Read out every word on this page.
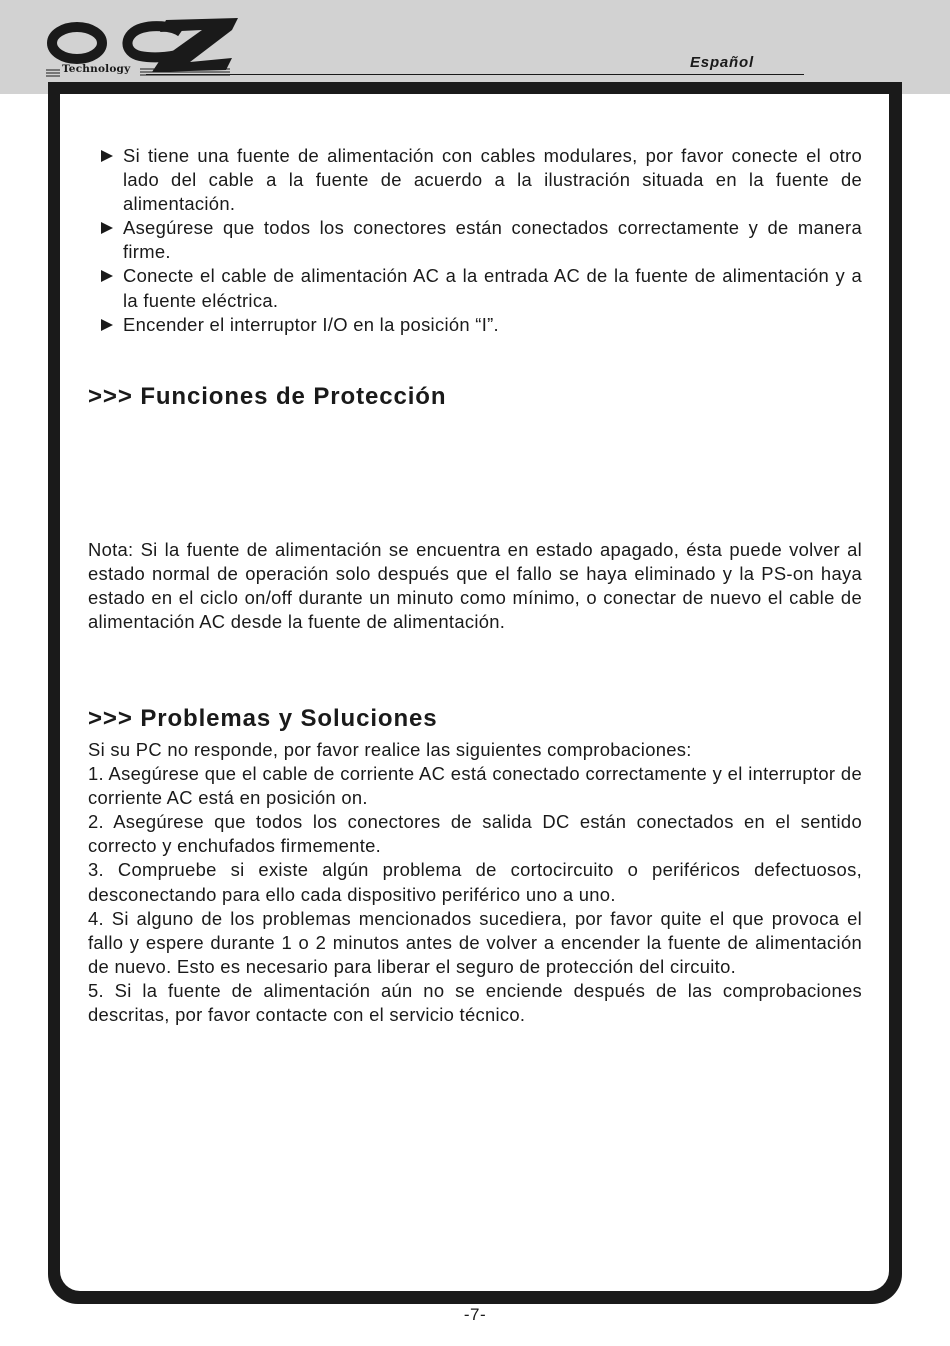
Technology	Español
Si tiene una fuente de alimentación con cables modulares, por favor conecte el otro lado del cable a la fuente de acuerdo a la ilustración situada en la fuente de alimentación.
Asegúrese que todos los conectores están conectados correctamente y de manera firme.
Conecte el cable de alimentación AC a la entrada AC de la fuente de alimentación y a la fuente eléctrica.
Encender el interruptor I/O en la posición “I”.
>>> Funciones de Protección

Nota: Si la fuente de alimentación se encuentra en estado apagado, ésta puede volver al estado normal de operación solo después que el fallo se haya eliminado y la PS-on haya estado en el ciclo on/off durante un minuto como mínimo, o conectar de nuevo el cable de alimentación AC desde la fuente de alimentación.

>>> Problemas y Soluciones

Si su PC no responde, por favor realice las siguientes comprobaciones:

1. Asegúrese que el cable de corriente AC está conectado correctamente y el interruptor de corriente AC está en posición on.

2. Asegúrese que todos los conectores de salida DC están conectados en el sentido correcto y enchufados firmemente.

3. Compruebe si existe algún problema de cortocircuito o periféricos defectuosos, desconectando para ello cada dispositivo periférico uno a uno.

4. Si alguno de los problemas mencionados sucediera, por favor quite el que provoca el fallo y espere durante 1 o 2 minutos antes de volver a encender la fuente de alimentación de nuevo. Esto es necesario para liberar el seguro de protección del circuito.

5. Si la fuente de alimentación aún no se enciende después de las comprobaciones descritas, por favor contacte con el servicio técnico.

-7-
